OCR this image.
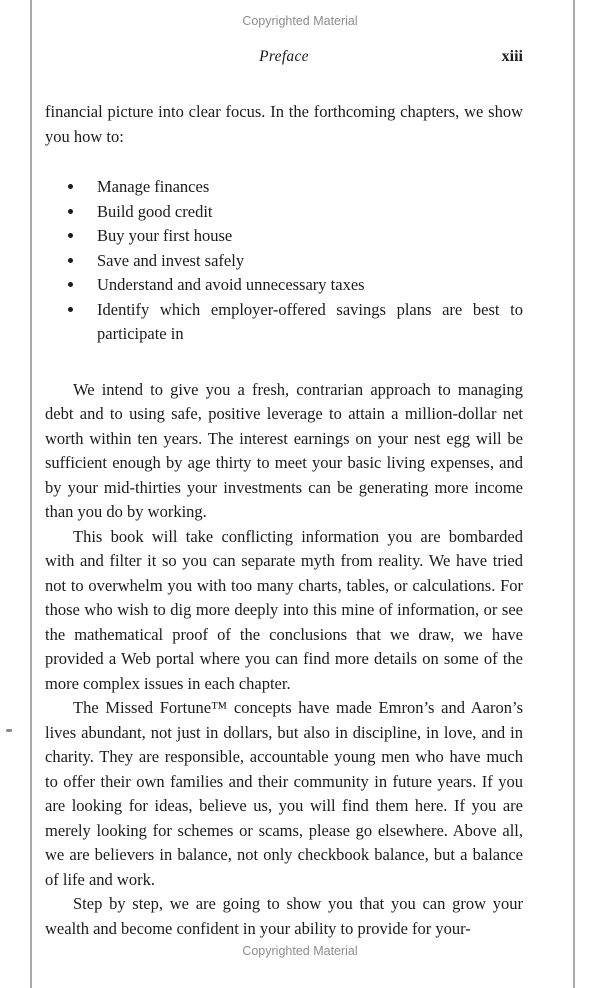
Copyrighted Material
Preface	xiii

financial picture into clear focus. In the forthcoming chapters, we show you how to:

• Manage finances
• Build good credit
• Buy your first house
• Save and invest safely
• Understand and avoid unnecessary taxes
• Identify which employer-offered savings plans are best to participate in

We intend to give you a fresh, contrarian approach to managing debt and to using safe, positive leverage to attain a million-dollar net worth within ten years. The interest earnings on your nest egg will be sufficient enough by age thirty to meet your basic living expenses, and by your mid-thirties your investments can be generating more income than you do by working.

This book will take conflicting information you are bombarded with and filter it so you can separate myth from reality. We have tried not to overwhelm you with too many charts, tables, or calculations. For those who wish to dig more deeply into this mine of information, or see the mathematical proof of the conclusions that we draw, we have provided a Web portal where you can find more details on some of the more complex issues in each chapter.

The Missed Fortune™ concepts have made Emron’s and Aaron’s lives abundant, not just in dollars, but also in discipline, in love, and in charity. They are responsible, accountable young men who have much to offer their own families and their community in future years. If you are looking for ideas, believe us, you will find them here. If you are merely looking for schemes or scams, please go elsewhere. Above all, we are believers in balance, not only checkbook balance, but a balance of life and work.

Step by step, we are going to show you that you can grow your wealth and become confident in your ability to provide for your-

Copyrighted Material
